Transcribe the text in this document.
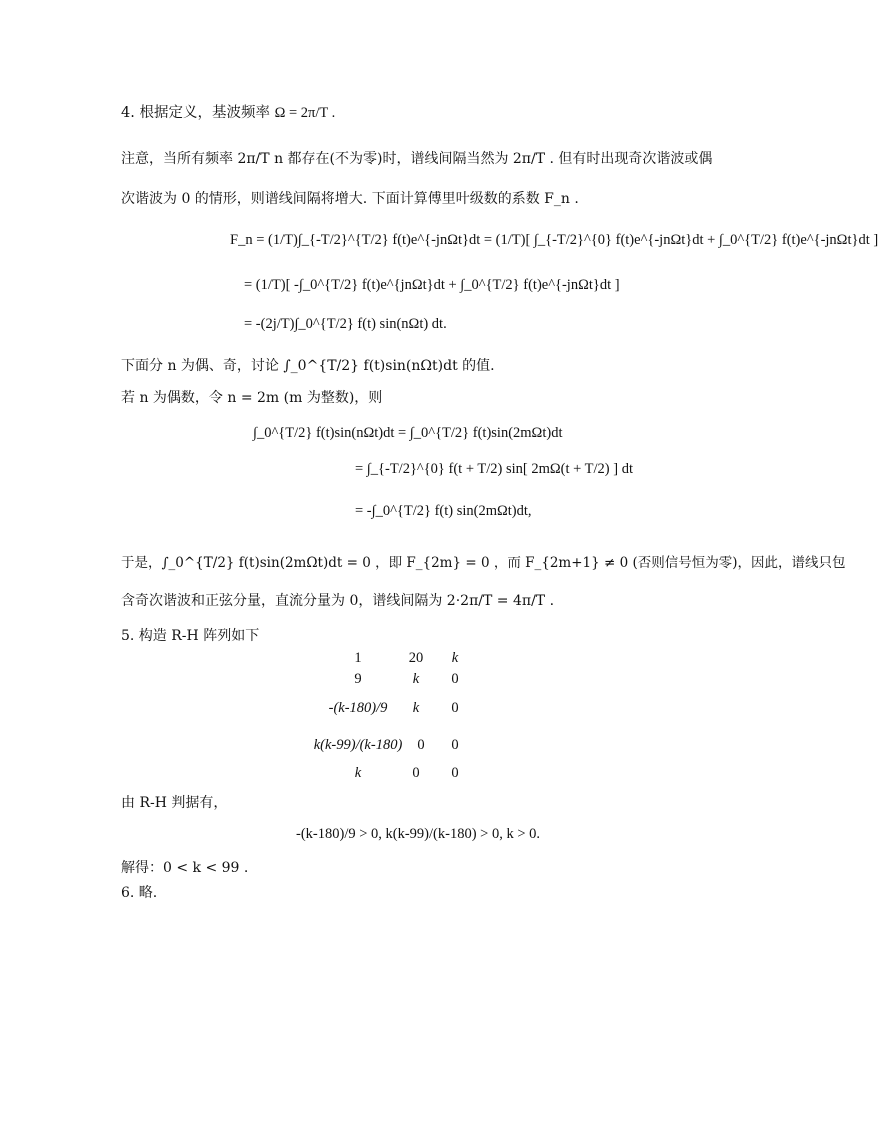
4. 根据定义，基波频率 Ω = 2π/T .
注意，当所有频率 2π/T n 都存在(不为零)时，谱线间隔当然为 2π/T . 但有时出现奇次谐波或偶
次谐波为 0 的情形，则谱线间隔将增大. 下面计算傅里叶级数的系数 F_n .
F_n = (1/T)∫_{-T/2}^{T/2} f(t)e^{-jnΩt}dt = (1/T)[ ∫_{-T/2}^{0} f(t)e^{-jnΩt}dt + ∫_0^{T/2} f(t)e^{-jnΩt}dt ]
= (1/T)[ -∫_0^{T/2} f(t)e^{jnΩt}dt + ∫_0^{T/2} f(t)e^{-jnΩt}dt ]
= -(2j/T)∫_0^{T/2} f(t) sin(nΩt) dt.
下面分 n 为偶、奇，讨论 ∫_0^{T/2} f(t)sin(nΩt)dt 的值.
若 n 为偶数，令 n = 2m (m 为整数)，则
∫_0^{T/2} f(t)sin(nΩt)dt = ∫_0^{T/2} f(t)sin(2mΩt)dt
= ∫_{-T/2}^{0} f(t + T/2) sin[ 2mΩ(t + T/2) ] dt
= -∫_0^{T/2} f(t) sin(2mΩt)dt,
于是，∫_0^{T/2} f(t)sin(2mΩt)dt = 0 ，即 F_{2m} = 0 ，而 F_{2m+1} ≠ 0 (否则信号恒为零)，因此，谱线只包
含奇次谐波和正弦分量，直流分量为 0，谱线间隔为 2·2π/T = 4π/T .
5. 构造 R-H 阵列如下
1	20	k
9	k	0
-(k-180)/9	k	0
k(k-99)/(k-180)	0	0
k	0	0
由 R-H 判据有，
-(k-180)/9 > 0, k(k-99)/(k-180) > 0, k > 0.
解得：0 < k < 99 .
6. 略.
